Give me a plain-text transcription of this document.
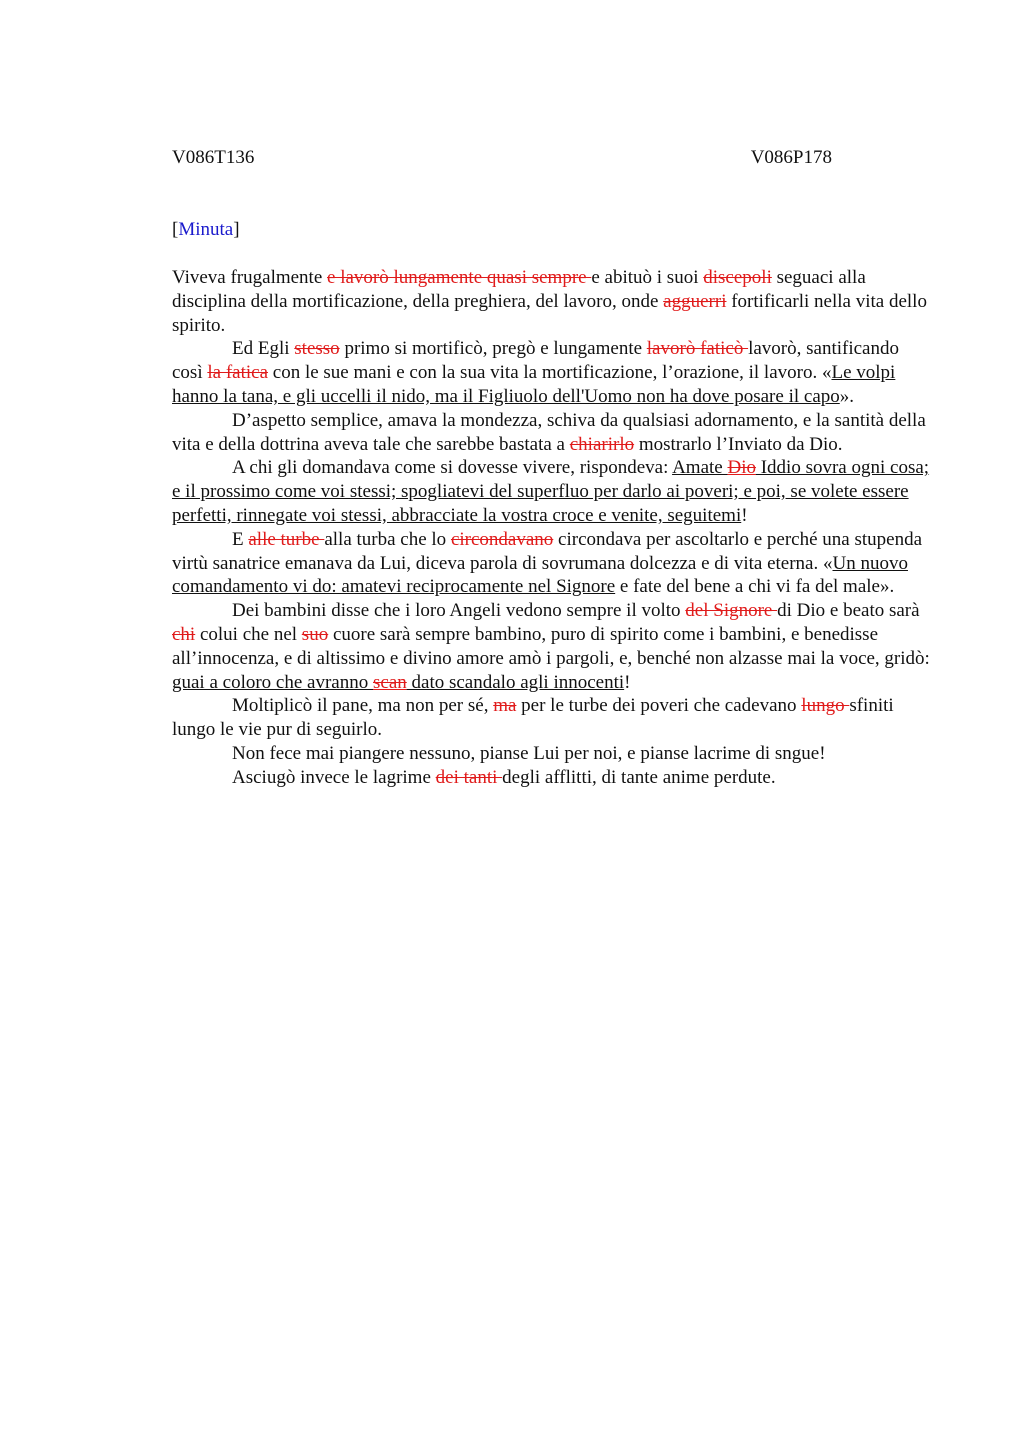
V086T136	V086P178
[Minuta]

Viveva frugalmente e lavorò lungamente quasi sempre e abituò i suoi discepoli seguaci alla disciplina della mortificazione, della preghiera, del lavoro, onde agguerri fortificarli nella vita dello spirito.

Ed Egli stesso primo si mortificò, pregò e lungamente lavorò faticò lavorò, santificando così la fatica con le sue mani e con la sua vita la mortificazione, l’orazione, il lavoro. «Le volpi hanno la tana, e gli uccelli il nido, ma il Figliuolo dell'Uomo non ha dove posare il capo».

D’aspetto semplice, amava la mondezza, schiva da qualsiasi adornamento, e la santità della vita e della dottrina aveva tale che sarebbe bastata a chiarirlo mostrarlo l’Inviato da Dio.

A chi gli domandava come si dovesse vivere, rispondeva: Amate Dio Iddio sovra ogni cosa; e il prossimo come voi stessi; spogliatevi del superfluo per darlo ai poveri; e poi, se volete essere perfetti, rinnegate voi stessi, abbracciate la vostra croce e venite, seguitemi!

E alle turbe alla turba che lo circondavano circondava per ascoltarlo e perché una stupenda virtù sanatrice emanava da Lui, diceva parola di sovrumana dolcezza e di vita eterna. «Un nuovo comandamento vi do: amatevi reciprocamente nel Signore e fate del bene a chi vi fa del male».

Dei bambini disse che i loro Angeli vedono sempre il volto del Signore di Dio e beato sarà chi colui che nel suo cuore sarà sempre bambino, puro di spirito come i bambini, e benedisse all’innocenza, e di altissimo e divino amore amò i pargoli, e, benché non alzasse mai la voce, gridò: guai a coloro che avranno scan dato scandalo agli innocenti!

Moltiplicò il pane, ma non per sé, ma per le turbe dei poveri che cadevano lungo sfiniti lungo le vie pur di seguirlo.

Non fece mai piangere nessuno, pianse Lui per noi, e pianse lacrime di sngue!

Asciugò invece le lagrime dei tanti degli afflitti, di tante anime perdute.
